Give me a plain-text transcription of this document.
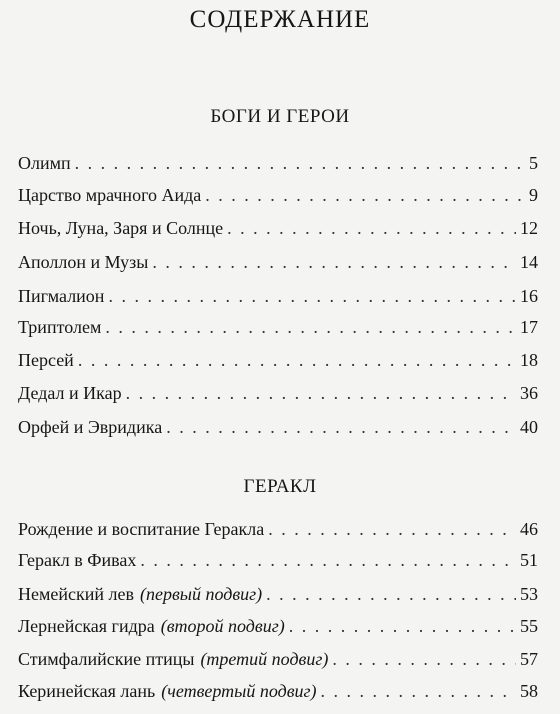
СОДЕРЖАНИЕ
БОГИ И ГЕРОИ
Олимп . . .	5
Царство мрачного Аида . . .	9
Ночь, Луна, Заря и Солнце . . .	12
Аполлон и Музы . . .	14
Пигмалион . . .	16
Триптолем . . .	17
Персей . . .	18
Дедал и Икар . . .	36
Орфей и Эвридика . . .	40
ГЕРАКЛ
Рождение и воспитание Геракла . . .	46
Геракл в Фивах . . .	51
Немейский лев (первый подвиг) . . .	53
Лернейская гидра (второй подвиг) . . .	55
Стимфалийские птицы (третий подвиг) . . .	57
Керинейская лань (четвертый подвиг) . . .	58
